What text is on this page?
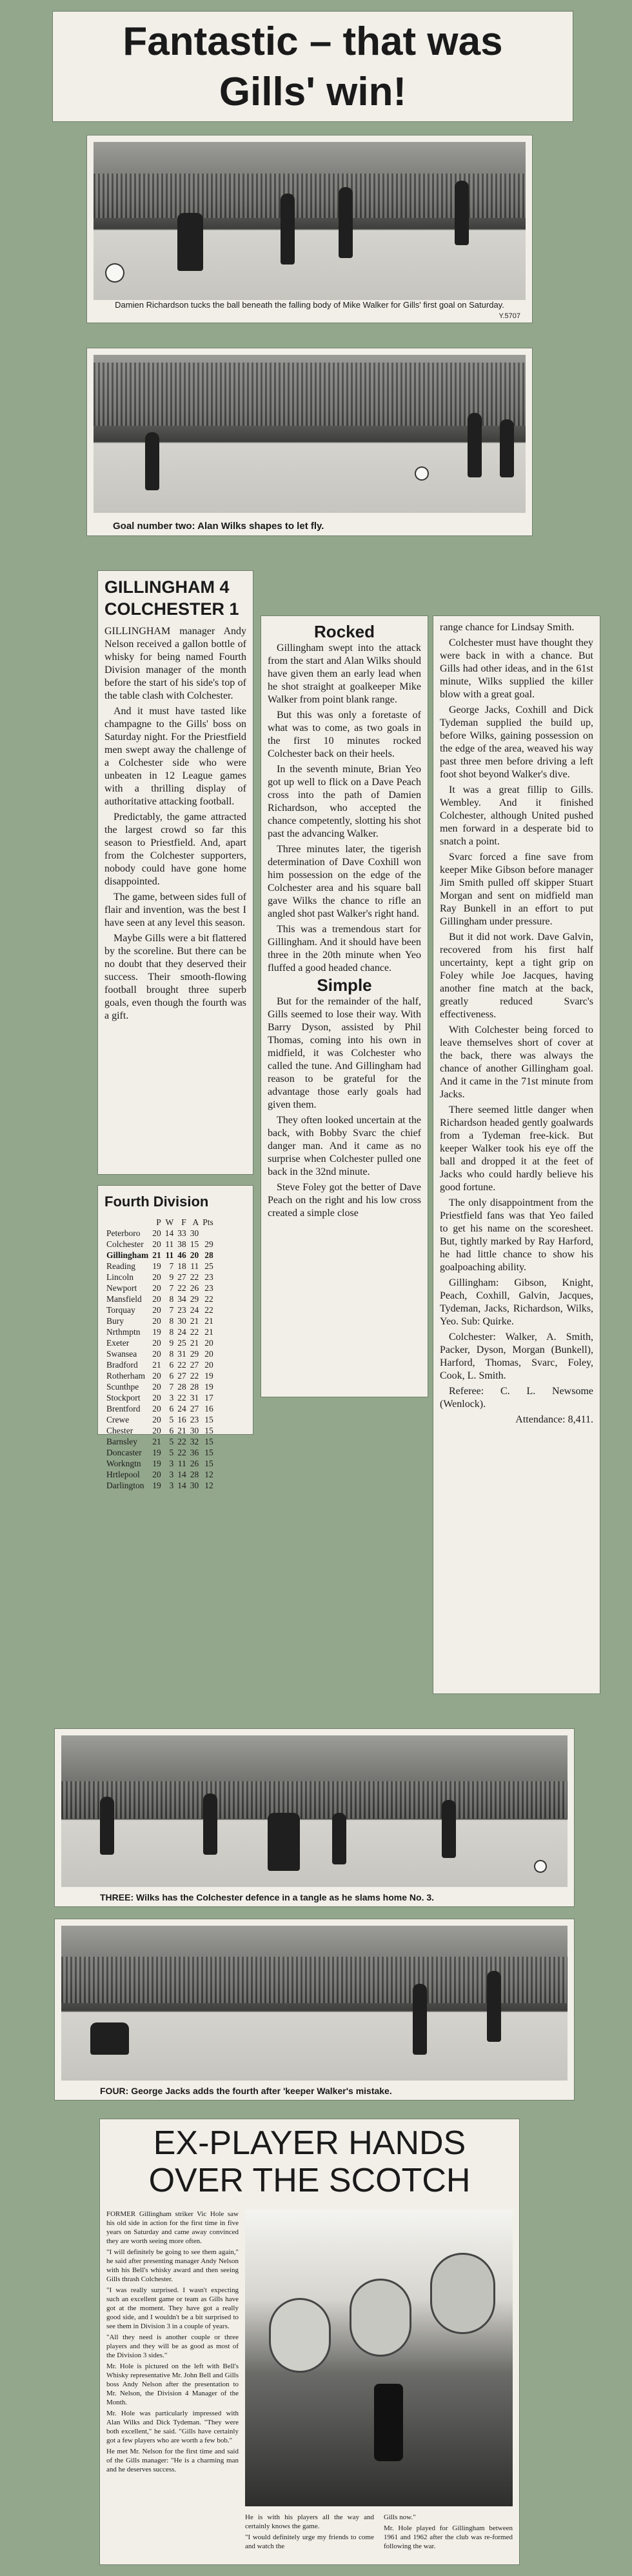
Fantastic – that was
Gills' win!
Damien Richardson tucks the ball beneath the falling body of Mike Walker for Gills' first goal on Saturday.
Y.5707
Goal number two: Alan Wilks shapes to let fly.
GILLINGHAM 4
COLCHESTER 1

GILLINGHAM manager Andy Nelson received a gallon bottle of whisky for being named Fourth Division manager of the month before the start of his side's top of the table clash with Colchester.

And it must have tasted like champagne to the Gills' boss on Saturday night. For the Priestfield men swept away the challenge of a Colchester side who were unbeaten in 12 League games with a thrilling display of authoritative attacking football.

Predictably, the game attracted the largest crowd so far this season to Priestfield. And, apart from the Colchester supporters, nobody could have gone home disappointed.

The game, between sides full of flair and invention, was the best I have seen at any level this season.

Maybe Gills were a bit flattered by the scoreline. But there can be no doubt that they deserved their success. Their smooth-flowing football brought three superb goals, even though the fourth was a gift.

Fourth Division
	P	W	F	A	Pts
Peterboro	20	14	33	30	
Colchester	20	11	38	15	29
Gillingham	21	11	46	20	28
Reading	19	7	18	11	25
Lincoln	20	9	27	22	23
Newport	20	7	22	26	23
Mansfield	20	8	34	29	22
Torquay	20	7	23	24	22
Bury	20	8	30	21	21
Nrthmptn	19	8	24	22	21
Exeter	20	9	25	21	20
Swansea	20	8	31	29	20
Bradford	21	6	22	27	20
Rotherham	20	6	27	22	19
Scunthpe	20	7	28	28	19
Stockport	20	3	22	31	17
Brentford	20	6	24	27	16
Crewe	20	5	16	23	15
Chester	20	6	21	30	15
Barnsley	21	5	22	32	15
Doncaster	19	5	22	36	15
Workngtn	19	3	11	26	15
Hrtlepool	20	3	14	28	12
Darlington	19	3	14	30	12

Rocked

Gillingham swept into the attack from the start and Alan Wilks should have given them an early lead when he shot straight at goalkeeper Mike Walker from point blank range.

But this was only a foretaste of what was to come, as two goals in the first 10 minutes rocked Colchester back on their heels.

In the seventh minute, Brian Yeo got up well to flick on a Dave Peach cross into the path of Damien Richardson, who accepted the chance competently, slotting his shot past the advancing Walker.

Three minutes later, the tigerish determination of Dave Coxhill won him possession on the edge of the Colchester area and his square ball gave Wilks the chance to rifle an angled shot past Walker's right hand.

This was a tremendous start for Gillingham. And it should have been three in the 20th minute when Yeo fluffed a good headed chance.

Simple

But for the remainder of the half, Gills seemed to lose their way. With Barry Dyson, assisted by Phil Thomas, coming into his own in midfield, it was Colchester who called the tune. And Gillingham had reason to be grateful for the advantage those early goals had given them.

They often looked uncertain at the back, with Bobby Svarc the chief danger man. And it came as no surprise when Colchester pulled one back in the 32nd minute.

Steve Foley got the better of Dave Peach on the right and his low cross created a simple close

range chance for Lindsay Smith.

Colchester must have thought they were back in with a chance. But Gills had other ideas, and in the 61st minute, Wilks supplied the killer blow with a great goal.

George Jacks, Coxhill and Dick Tydeman supplied the build up, before Wilks, gaining possession on the edge of the area, weaved his way past three men before driving a left foot shot beyond Walker's dive.

It was a great fillip to Gills. Wembley. And it finished Colchester, although United pushed men forward in a desperate bid to snatch a point.

Svarc forced a fine save from keeper Mike Gibson before manager Jim Smith pulled off skipper Stuart Morgan and sent on midfield man Ray Bunkell in an effort to put Gillingham under pressure.

But it did not work. Dave Galvin, recovered from his first half uncertainty, kept a tight grip on Foley while Joe Jacques, having another fine match at the back, greatly reduced Svarc's effectiveness.

With Colchester being forced to leave themselves short of cover at the back, there was always the chance of another Gillingham goal. And it came in the 71st minute from Jacks.

There seemed little danger when Richardson headed gently goalwards from a Tydeman free-kick. But keeper Walker took his eye off the ball and dropped it at the feet of Jacks who could hardly believe his good fortune.

The only disappointment from the Priestfield fans was that Yeo failed to get his name on the scoresheet. But, tightly marked by Ray Harford, he had little chance to show his goalpoaching ability.

Gillingham: Gibson, Knight, Peach, Coxhill, Galvin, Jacques, Tydeman, Jacks, Richardson, Wilks, Yeo. Sub: Quirke.

Colchester: Walker, A. Smith, Packer, Dyson, Morgan (Bunkell), Harford, Thomas, Svarc, Foley, Cook, L. Smith.

Referee: C. L. Newsome (Wenlock).

Attendance: 8,411.

THREE: Wilks has the Colchester defence in a tangle as he slams home No. 3.
FOUR: George Jacks adds the fourth after 'keeper Walker's mistake.
EX-PLAYER HANDS
OVER THE SCOTCH

FORMER Gillingham striker Vic Hole saw his old side in action for the first time in five years on Saturday and came away convinced they are worth seeing more often.

"I will definitely be going to see them again," he said after presenting manager Andy Nelson with his Bell's whisky award and then seeing Gills thrash Colchester.

"I was really surprised. I wasn't expecting such an excellent game or team as Gills have got at the moment. They have got a really good side, and I wouldn't be a bit surprised to see them in Division 3 in a couple of years.

"All they need is another couple or three players and they will be as good as most of the Division 3 sides."

Mr. Hole is pictured on the left with Bell's Whisky representative Mr. John Bell and Gills boss Andy Nelson after the presentation to Mr. Nelson, the Division 4 Manager of the Month.

Mr. Hole was particularly impressed with Alan Wilks and Dick Tydeman. "They were both excellent," he said. "Gills have certainly got a few players who are worth a few bob."

He met Mr. Nelson for the first time and said of the Gills manager: "He is a charming man and he deserves success.

He is with his players all the way and certainly knows the game.

"I would definitely urge my friends to come and watch the

Gills now."

Mr. Hole played for Gillingham between 1961 and 1962 after the club was re-formed following the war.
